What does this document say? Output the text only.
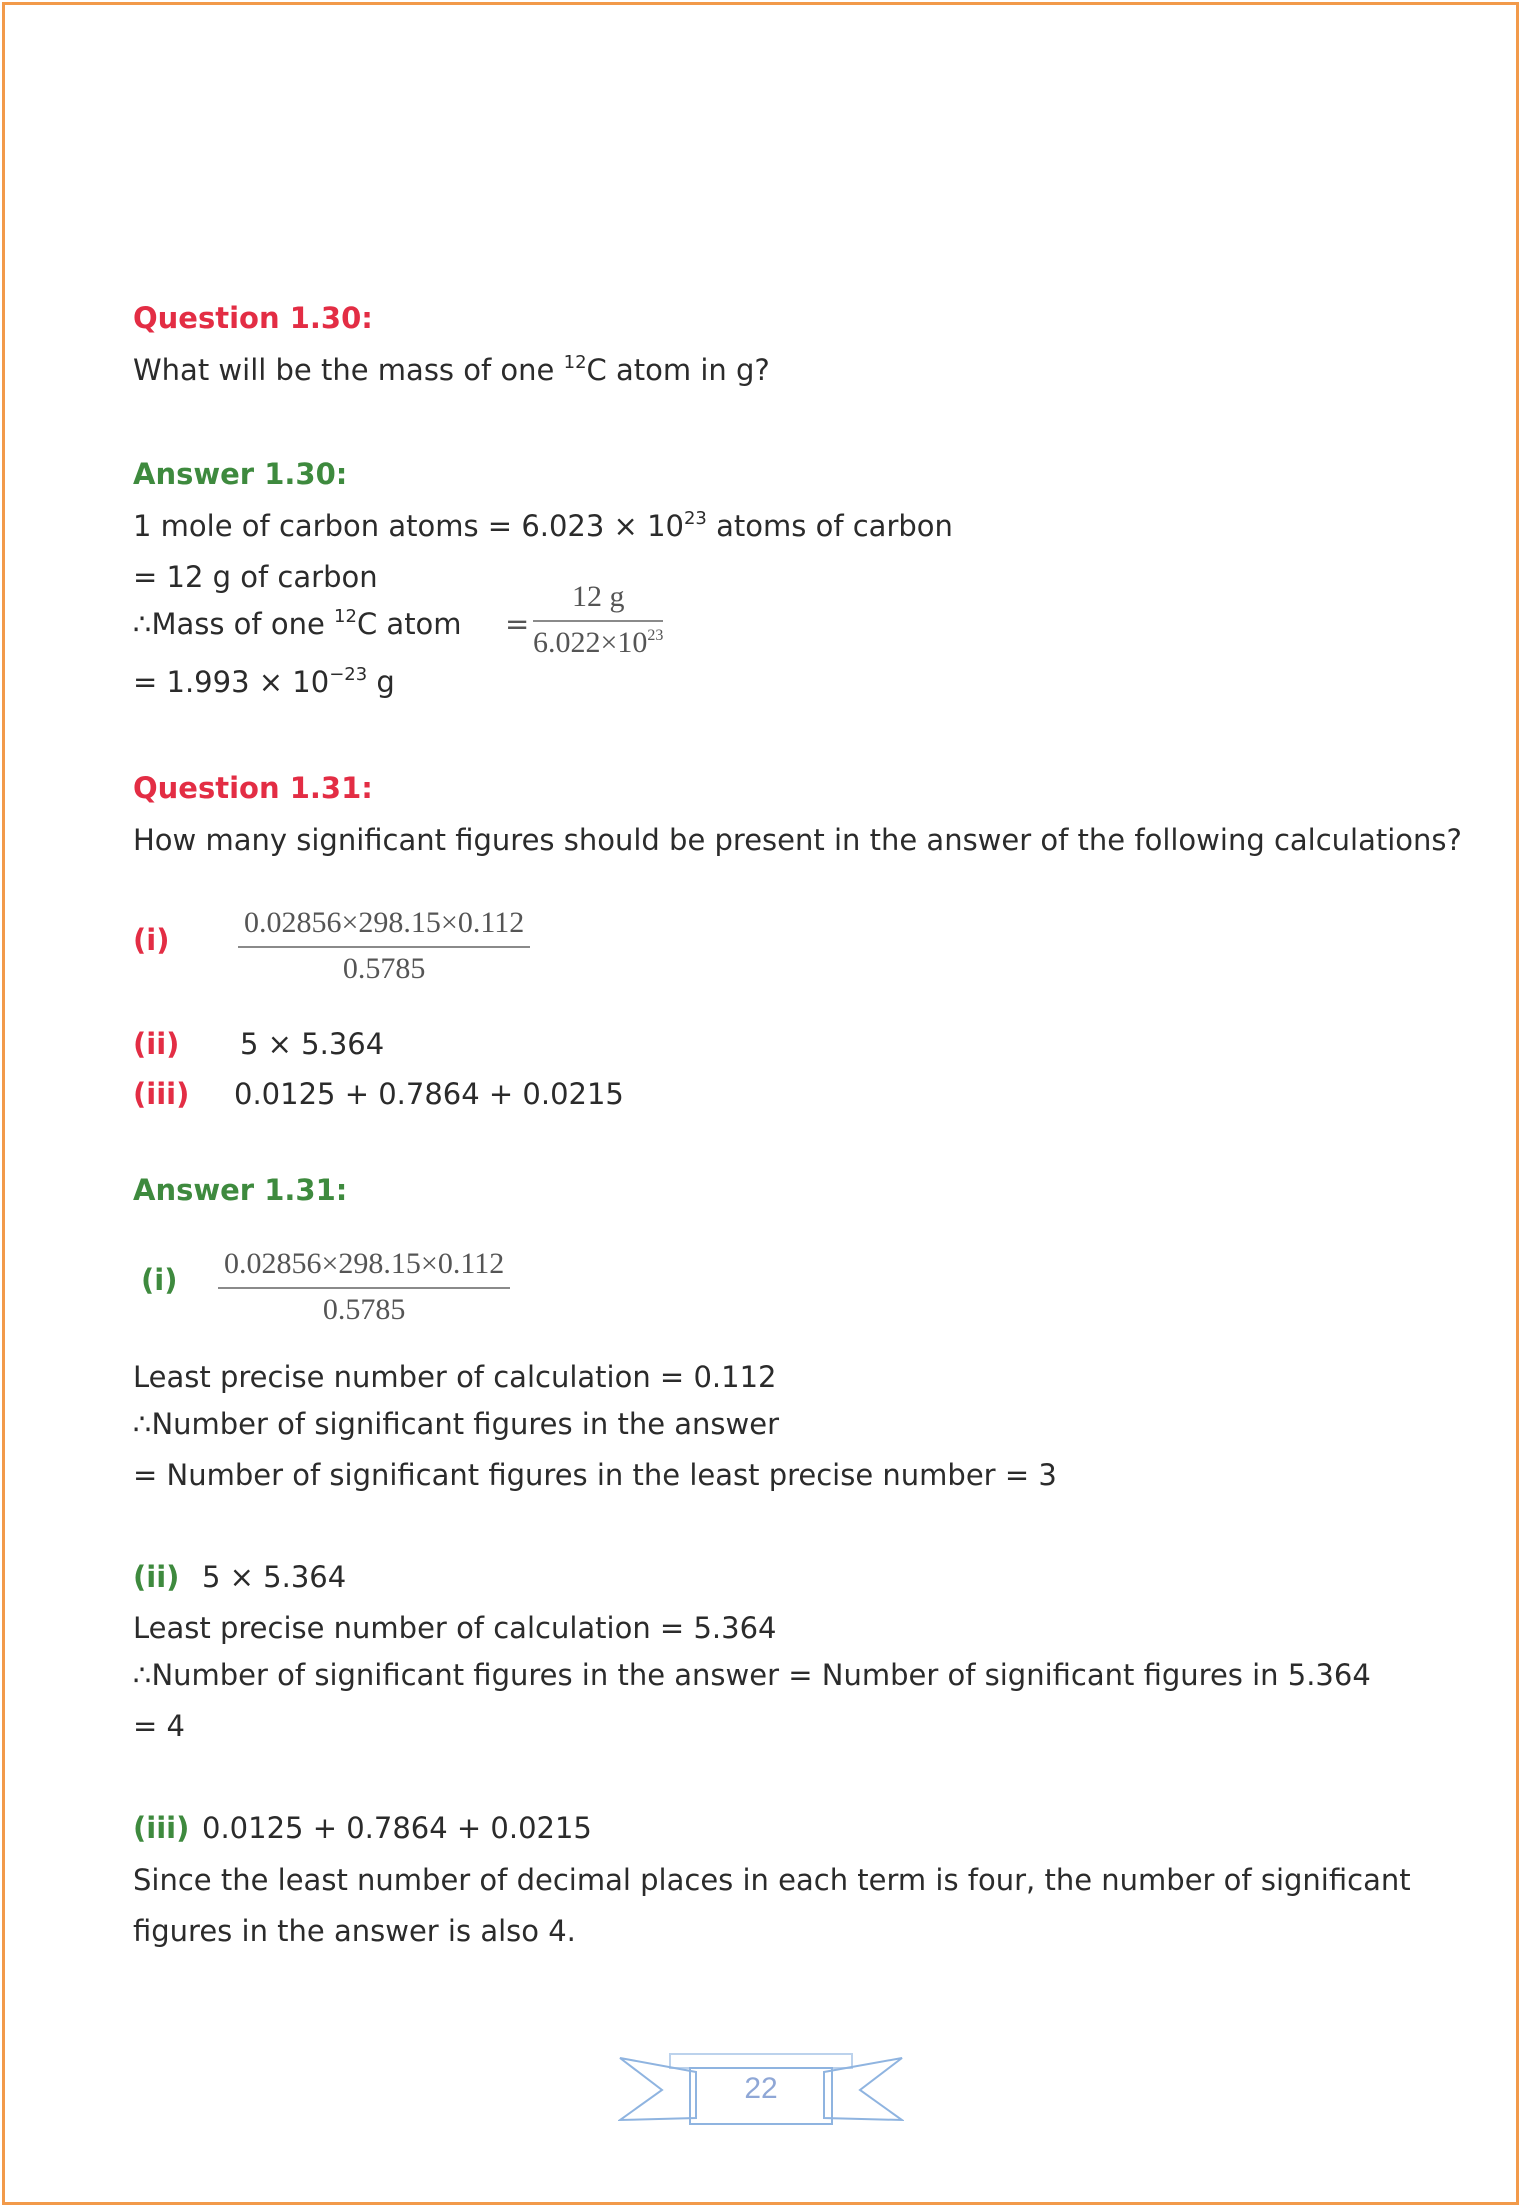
Question 1.30:
What will be the mass of one $^{12}$C atom in g?
Answer 1.30:
1 mole of carbon atoms = $6.023 \times 10^{23}$ atoms of carbon
= 12 g of carbon
∴Mass of one $^{12}$C atom = $\frac{12 g}{6.022\times 10^{23}}$
= $1.993 \times 10^{-23}$ g
Question 1.31:
How many significant figures should be present in the answer of the following calculations?
$(i) \frac{0.02856\times 298.15\times 0.112}{0.5785}$
(ii) 5 × 5.364
(iii) 0.0125 + 0.7864 + 0.0215
Answer 1.31:
$(i) \frac{0.02856\times 298.15\times 0.112}{0.5785}$
Least precise number of calculation = 0.112
∴Number of significant figures in the answer
= Number of significant figures in the least precise number = 3
(ii) 5 × 5.364
Least precise number of calculation = 5.364
∴Number of significant figures in the answer = Number of significant figures in 5.364
= 4
(iii) 0.0125 + 0.7864 + 0.0215
Since the least number of decimal places in each term is four, the number of significant
figures in the answer is also 4.
22
